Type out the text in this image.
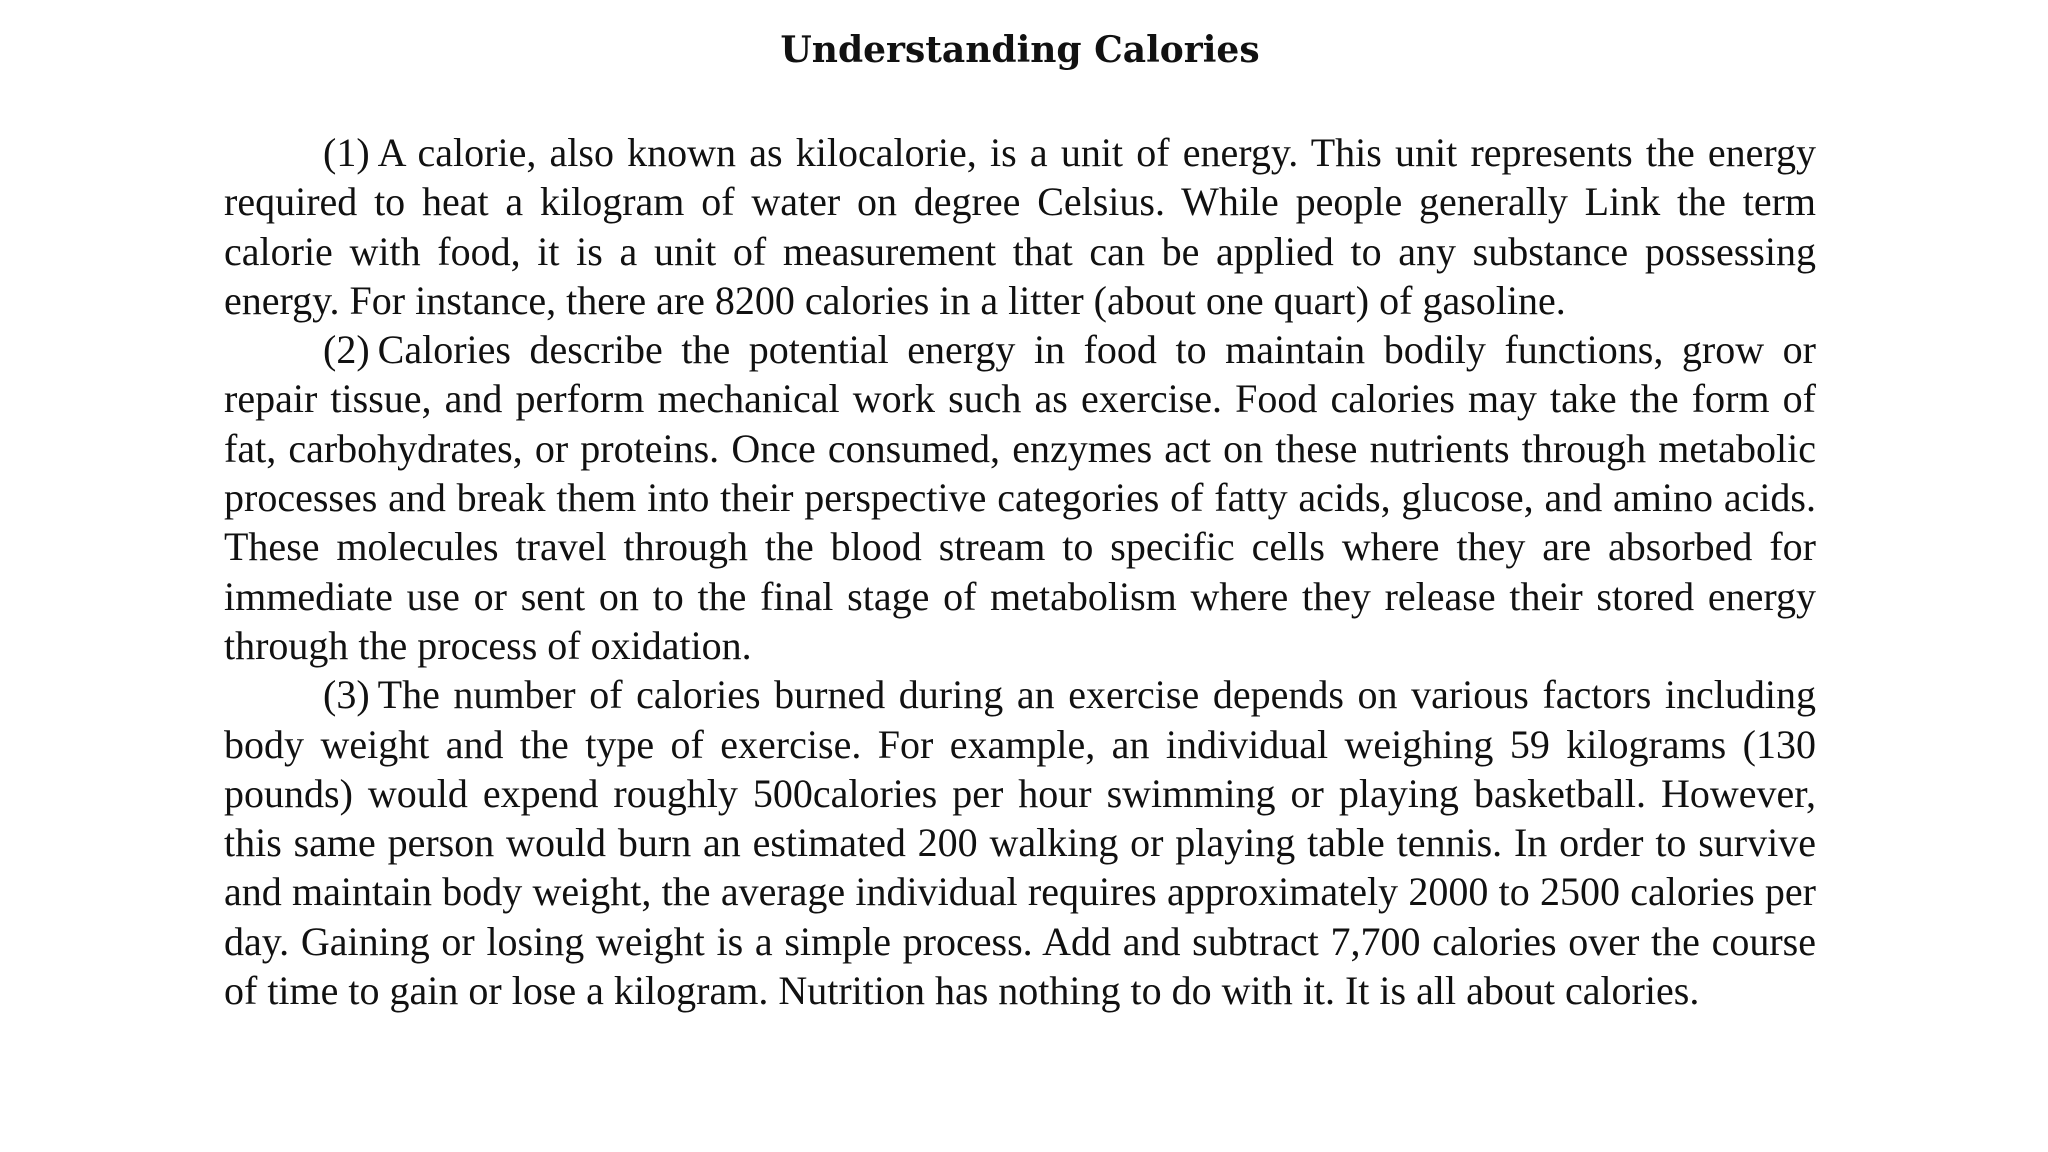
Understanding Calories

(1) A calorie, also known as kilocalorie, is a unit of energy. This unit represents the energy required to heat a kilogram of water on degree Celsius. While people generally Link the term calorie with food, it is a unit of measurement that can be applied to any substance possessing energy. For instance, there are 8200 calories in a litter (about one quart) of gasoline.

(2) Calories describe the potential energy in food to maintain bodily functions, grow or repair tissue, and perform mechanical work such as exercise. Food calories may take the form of fat, carbohydrates, or proteins. Once consumed, enzymes act on these nutrients through metabolic processes and break them into their perspective categories of fatty acids, glucose, and amino acids. These molecules travel through the blood stream to specific cells where they are absorbed for immediate use or sent on to the final stage of metabolism where they release their stored energy through the process of oxidation.

(3) The number of calories burned during an exercise depends on various factors including body weight and the type of exercise. For example, an individual weighing 59 kilograms (130 pounds) would expend roughly 500calories per hour swimming or playing basketball. However, this same person would burn an estimated 200 walking or playing table tennis. In order to survive and maintain body weight, the average individual requires approximately 2000 to 2500 calories per day. Gaining or losing weight is a simple process. Add and subtract 7,700 calories over the course of time to gain or lose a kilogram. Nutrition has nothing to do with it. It is all about calories.
